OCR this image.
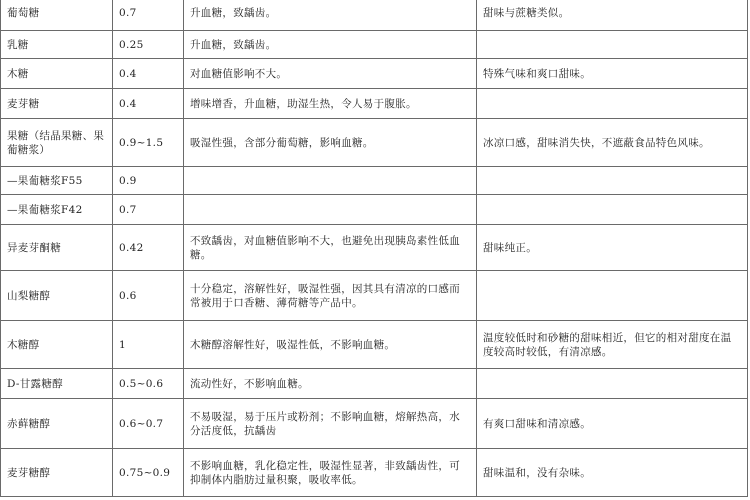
葡萄糖	0.7	升血糖，致龋齿。	甜味与蔗糖类似。
乳糖	0.25	升血糖，致龋齿。	
木糖	0.4	对血糖值影响不大。	特殊气味和爽口甜味。
麦芽糖	0.4	增味增香，升血糖，助湿生热，令人易于腹胀。	
果糖（结晶果糖、果葡糖浆）	0.9~1.5	吸湿性强，含部分葡萄糖，影响血糖。	冰凉口感，甜味消失快，不遮蔽食品特色风味。
—果葡糖浆F55	0.9		
—果葡糖浆F42	0.7		
异麦芽酮糖	0.42	不致龋齿，对血糖值影响不大，也避免出现胰岛素性低血糖。	甜味纯正。
山梨糖醇	0.6	十分稳定，溶解性好，吸湿性强，因其具有清凉的口感而常被用于口香糖、薄荷糖等产品中。	
木糖醇	1	木糖醇溶解性好，吸湿性低，不影响血糖。	温度较低时和砂糖的甜味相近，但它的相对甜度在温度较高时较低，有清凉感。
D-甘露糖醇	0.5~0.6	流动性好，不影响血糖。	
赤藓糖醇	0.6~0.7	不易吸湿，易于压片或粉剂；不影响血糖，熔解热高，水分活度低，抗龋齿	有爽口甜味和清凉感。
麦芽糖醇	0.75~0.9	不影响血糖，乳化稳定性，吸湿性显著，非致龋齿性，可抑制体内脂肪过量积聚，吸收率低。	甜味温和，没有杂味。
